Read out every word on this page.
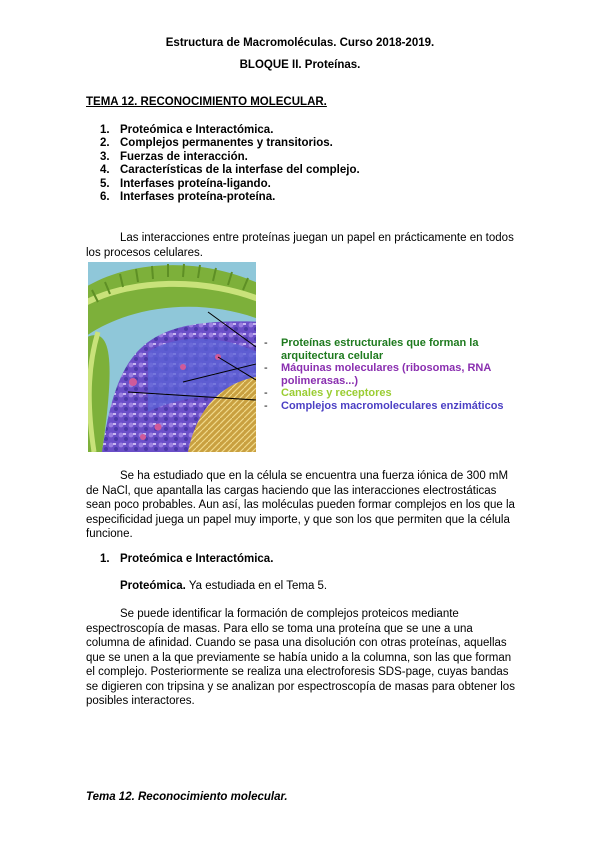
Estructura de Macromoléculas. Curso 2018-2019.
BLOQUE II. Proteínas.
TEMA 12. RECONOCIMIENTO MOLECULAR.
1. Proteómica e Interactómica.
2. Complejos permanentes y transitorios.
3. Fuerzas de interacción.
4. Características de la interfase del complejo.
5. Interfases proteína-ligando.
6. Interfases proteína-proteína.
Las interacciones entre proteínas juegan un papel en prácticamente en todos los procesos celulares.
- Proteínas estructurales que forman la
arquitectura celular
- Máquinas moleculares (ribosomas, RNA
polimerasas...)
- Canales y receptores
- Complejos macromoleculares enzimáticos
Se ha estudiado que en la célula se encuentra una fuerza iónica de 300 mM de NaCl, que apantalla las cargas haciendo que las interacciones electrostáticas sean poco probables. Aun así, las moléculas pueden formar complejos en los que la especificidad juega un papel muy importe, y que son los que permiten que la célula funcione.
1. Proteómica e Interactómica.
Proteómica. Ya estudiada en el Tema 5.
Se puede identificar la formación de complejos proteicos mediante espectroscopía de masas. Para ello se toma una proteína que se une a una columna de afinidad. Cuando se pasa una disolución con otras proteínas, aquellas que se unen a la que previamente se había unido a la columna, son las que forman el complejo. Posteriormente se realiza una electroforesis SDS-page, cuyas bandas se digieren con tripsina y se analizan por espectroscopía de masas para obtener los posibles interactores.
Tema 12. Reconocimiento molecular.
